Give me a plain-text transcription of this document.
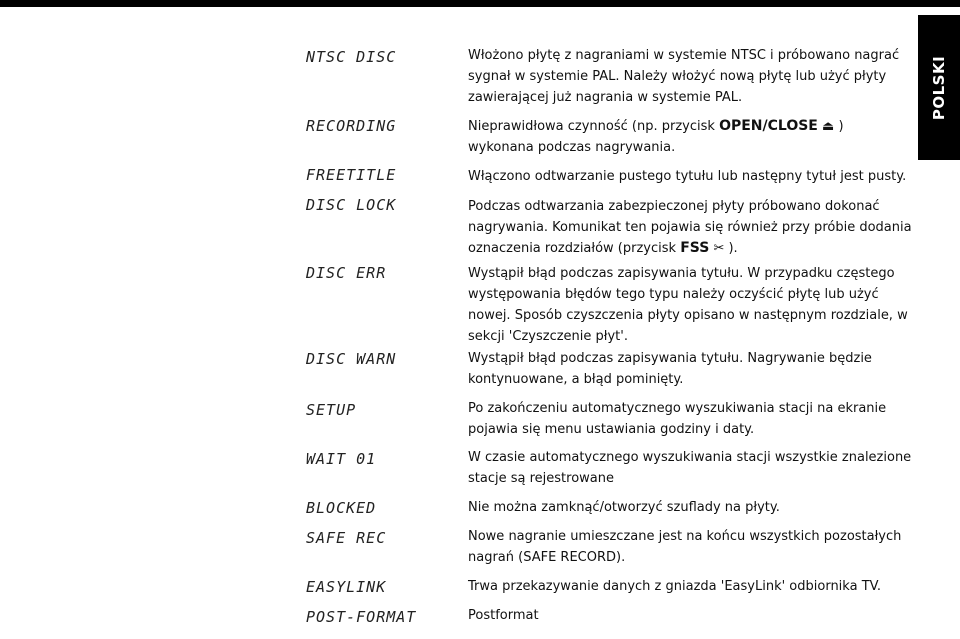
POLSKI
NTSC DISC	Włożono płytę z nagraniami w systemie NTSC i próbowano nagrać sygnał w systemie PAL. Należy włożyć nową płytę lub użyć płyty zawierającej już nagrania w systemie PAL.
RECORDING	Nieprawidłowa czynność (np. przycisk OPEN/CLOSE ⏏ ) wykonana podczas nagrywania.
FREETITLE	Włączono odtwarzanie pustego tytułu lub następny tytuł jest pusty.
DISC LOCK	Podczas odtwarzania zabezpieczonej płyty próbowano dokonać nagrywania. Komunikat ten pojawia się również przy próbie dodania oznaczenia rozdziałów (przycisk FSS ✂ ).
DISC ERR	Wystąpił błąd podczas zapisywania tytułu. W przypadku częstego występowania błędów tego typu należy oczyścić płytę lub użyć nowej. Sposób czyszczenia płyty opisano w następnym rozdziale, w sekcji 'Czyszczenie płyt'.
DISC WARN	Wystąpił błąd podczas zapisywania tytułu. Nagrywanie będzie kontynuowane, a błąd pominięty.
SETUP	Po zakończeniu automatycznego wyszukiwania stacji na ekranie pojawia się menu ustawiania godziny i daty.
WAIT 01	W czasie automatycznego wyszukiwania stacji wszystkie znalezione stacje są rejestrowane
BLOCKED	Nie można zamknąć/otworzyć szuflady na płyty.
SAFE REC	Nowe nagranie umieszczane jest na końcu wszystkich pozostałych nagrań (SAFE RECORD).
EASYLINK	Trwa przekazywanie danych z gniazda 'EasyLink' odbiornika TV.
POST-FORMAT	Postformat
